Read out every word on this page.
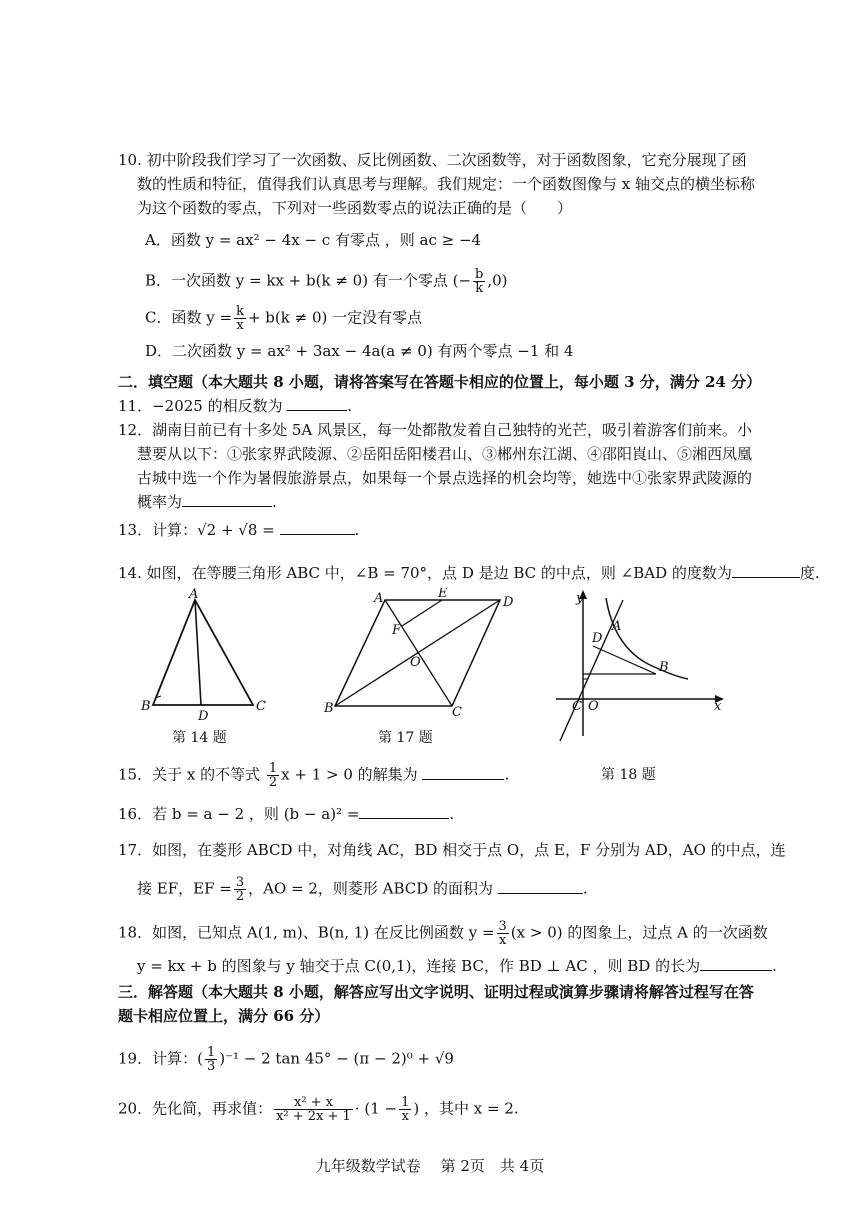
10. 初中阶段我们学习了一次函数、反比例函数、二次函数等，对于函数图象，它充分展现了函
数的性质和特征，值得我们认真思考与理解。我们规定：一个函数图像与 x 轴交点的横坐标称
为这个函数的零点，下列对一些函数零点的说法正确的是（　　）
A．函数 y = ax² − 4x − c 有零点 ，则 ac ≥ −4
B．一次函数 y = kx + b(k ≠ 0) 有一个零点 (− $\frac{b}{k} ,0$)
C．函数 $y = \frac{k}{x} + b(k \ne 0)$ 一定没有零点
D．二次函数 y = ax² + 3ax − 4a(a ≠ 0) 有两个零点 −1 和 4
二．填空题（本大题共 8 小题，请将答案写在答题卡相应的位置上，每小题 3 分，满分 24 分）
11．−2025 的相反数为	.
12．湖南目前已有十多处 5A 风景区，每一处都散发着自己独特的光芒，吸引着游客们前来。小
慧要从以下：①张家界武陵源、②岳阳岳阳楼君山、③郴州东江湖、④邵阳崀山、⑤湘西凤凰
古城中选一个作为暑假旅游景点，如果每一个景点选择的机会均等，她选中①张家界武陵源的
概率为	.
13．计算：√2 + √8 =	.
14. 如图，在等腰三角形 ABC 中，∠B = 70°，点 D 是边 BC 的中点，则 ∠BAD 的度数为	度.
A
B	C
D
第 14 题
A	E
D
F
O
B	C
第 17 题
y
A
D
B
x
O
C
第 18 题
15．关于 x 的不等式 $\frac{1}{2}$ x + 1 > 0 的解集为	.
16．若 b = a − 2 ，则 (b − a)² =	.
17．如图，在菱形 ABCD 中，对角线 AC，BD 相交于点 O，点 E，F 分别为 AD，AO 的中点，连
接 EF，EF = $\frac{3}{2}$ ，AO = 2，则菱形 ABCD 的面积为	.
18．如图，已知点 A(1, m)、B(n, 1) 在反比例函数 $y = \frac{3}{x} (x > 0)$ 的图象上，过点 A 的一次函数
y = kx + b 的图象与 y 轴交于点 C(0,1)，连接 BC，作 BD ⊥ AC ，则 BD 的长为	.
三．解答题（本大题共 8 小题，解答应写出文字说明、证明过程或演算步骤请将解答过程写在答
题卡相应位置上，满分 66 分）
19．计算：( $\frac{1}{3} )^{-1} - 2$ tan 45° − (π − 2)⁰ + √9
20．先化简，再求值： $\frac{\text{x² + x}}{\text{x² + 2x + 1}} \cdot (1 - \frac{1}{x}$ ) ，其中 x = 2.
九年级数学试卷　 第 2页　共 4页
